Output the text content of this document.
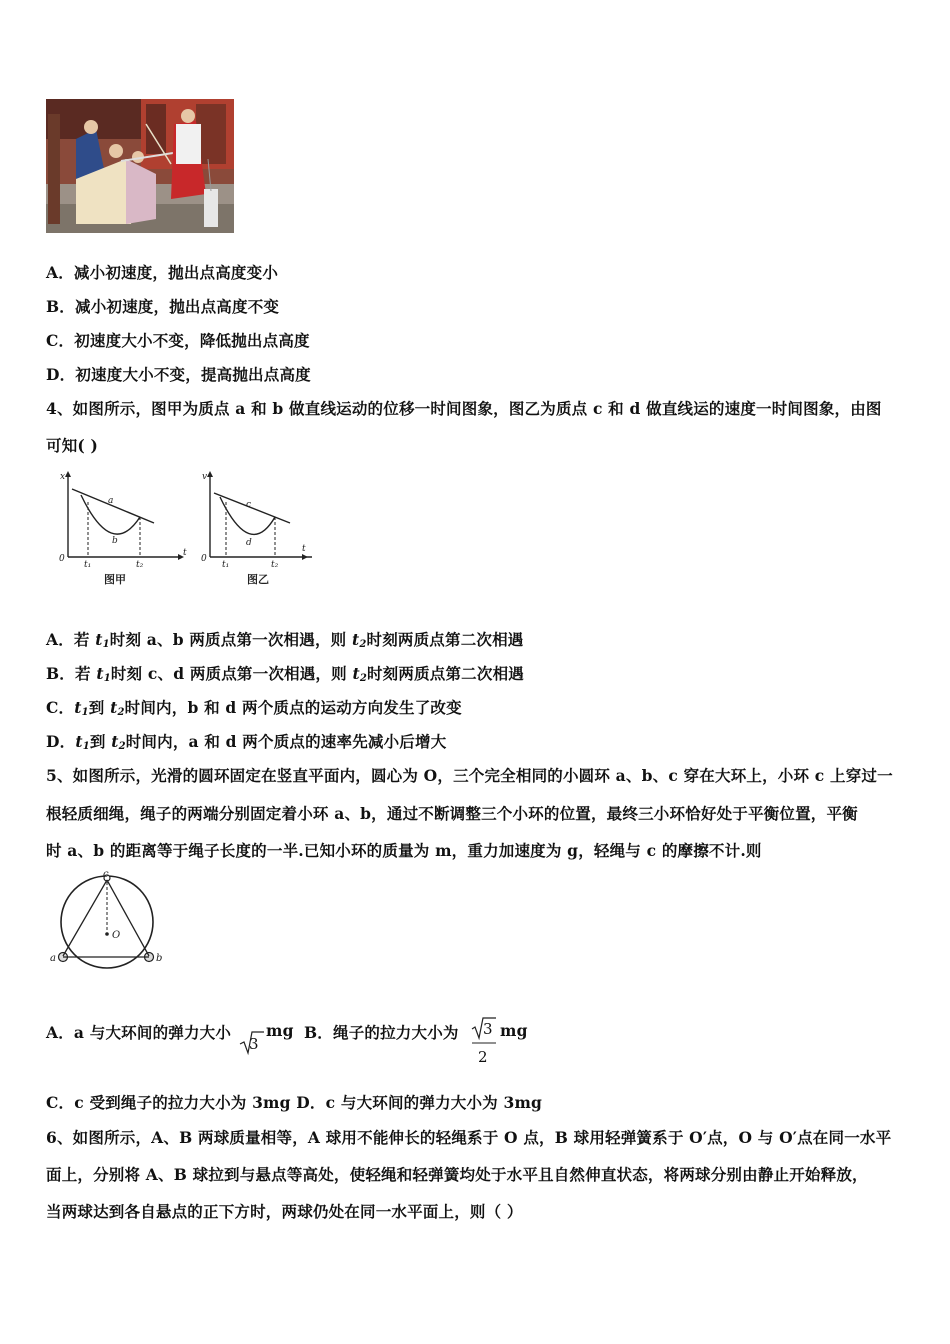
A．减小初速度，抛出点高度变小
B．减小初速度，抛出点高度不变
C．初速度大小不变，降低抛出点高度
D．初速度大小不变，提高抛出点高度
4、如图所示，图甲为质点 a 和 b 做直线运动的位移一时间图象，图乙为质点 c 和 d 做直线运的速度一时间图象，由图
可知( )
x
0
a
b
t₁	t₂
t
图甲
v
0
c
d
t₁	t₂
t
图乙
A．若 $t_1$时刻 a、b 两质点第一次相遇，则 $t_2$时刻两质点第二次相遇
B．若 $t_1$时刻 c、d 两质点第一次相遇，则 $t_2$时刻两质点第二次相遇
C．$t_1$到 $t_2$时间内，b 和 d 两个质点的运动方向发生了改变
D．$t_1$到 $t_2$时间内，a 和 d 两个质点的速率先减小后增大
5、如图所示，光滑的圆环固定在竖直平面内，圆心为 O，三个完全相同的小圆环 a、b、c 穿在大环上，小环 c 上穿过一
根轻质细绳，绳子的两端分别固定着小环 a、b，通过不断调整三个小环的位置，最终三小环恰好处于平衡位置，平衡
时 a、b 的距离等于绳子长度的一半.已知小环的质量为 m，重力加速度为 g，轻绳与 c 的摩擦不计.则
c
O
a	b
A．a 与大环间的弹力大小
3
mg B．绳子的拉力大小为 3
2
mg
C．c 受到绳子的拉力大小为 3mg D．c 与大环间的弹力大小为 3mg
6、如图所示，A、B 两球质量相等，A 球用不能伸长的轻绳系于 O 点，B 球用轻弹簧系于 O′点，O 与 O′点在同一水平
面上，分别将 A、B 球拉到与悬点等高处，使轻绳和轻弹簧均处于水平且自然伸直状态，将两球分别由静止开始释放，
当两球达到各自悬点的正下方时，两球仍处在同一水平面上，则（ ）
